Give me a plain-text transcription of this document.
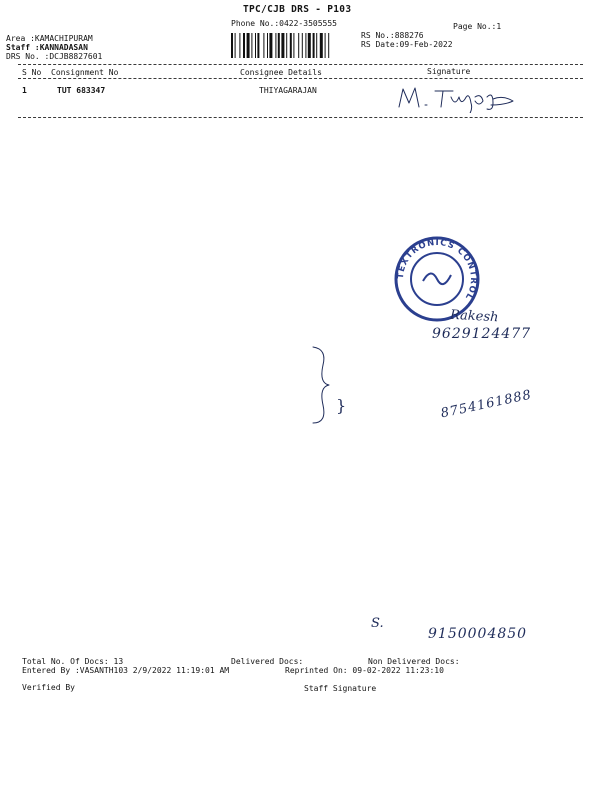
TPC/CJB DRS - P103
Phone No.:0422-3505555	Page No.:1
Area :KAMACHIPURAM
Staff :KANNADASAN
DRS No. :DCJB8827601
RS No.:888276
RS Date:09-Feb-2022
S No Consignment No	Consignee Details	Signature
1	TUT 683347	THIYAGARAJAN
}
TEXTRONICS CONTROL
Rakesh
9629124477
8754161888
S.
9150004850
Total No. Of Docs: 13	Delivered Docs:	Non Delivered Docs:
Entered By :VASANTH103 2/9/2022 11:19:01 AM	Reprinted On: 09-02-2022 11:23:10
Verified By	Staff Signature
